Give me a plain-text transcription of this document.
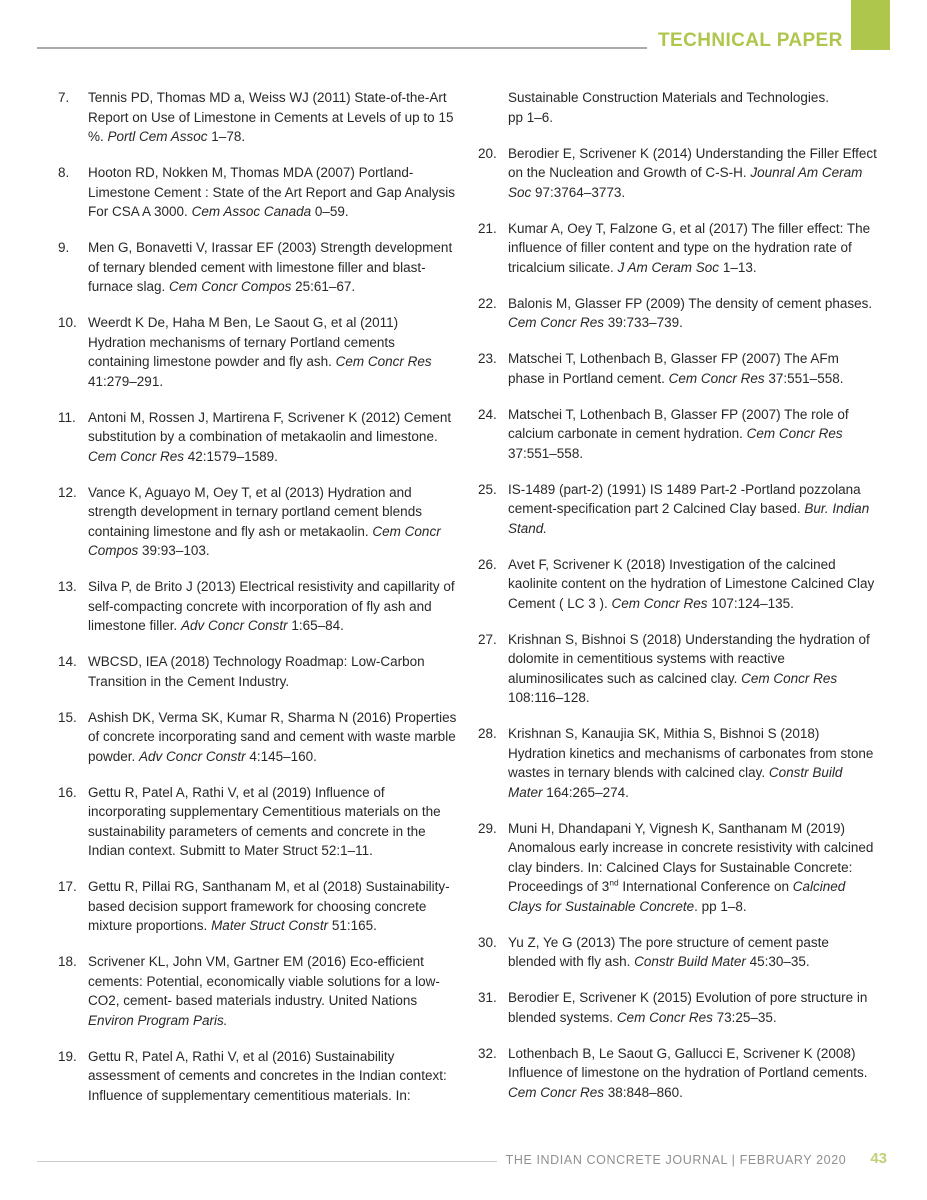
TECHNICAL PAPER
7.	Tennis PD, Thomas MD a, Weiss WJ (2011) State-of-the-Art Report on Use of Limestone in Cements at Levels of up to 15 %. Portl Cem Assoc 1–78.
8.	Hooton RD, Nokken M, Thomas MDA (2007) Portland-Limestone Cement : State of the Art Report and Gap Analysis For CSA A 3000. Cem Assoc Canada 0–59.
9.	Men G, Bonavetti V, Irassar EF (2003) Strength development of ternary blended cement with limestone filler and blast-furnace slag. Cem Concr Compos 25:61–67.
10. Weerdt K De, Haha M Ben, Le Saout G, et al (2011) Hydration mechanisms of ternary Portland cements containing limestone powder and fly ash. Cem Concr Res 41:279–291.
11. Antoni M, Rossen J, Martirena F, Scrivener K (2012) Cement substitution by a combination of metakaolin and limestone. Cem Concr Res 42:1579–1589.
12. Vance K, Aguayo M, Oey T, et al (2013) Hydration and strength development in ternary portland cement blends containing limestone and fly ash or metakaolin. Cem Concr Compos 39:93–103.
13. Silva P, de Brito J (2013) Electrical resistivity and capillarity of self-compacting concrete with incorporation of fly ash and limestone filler. Adv Concr Constr 1:65–84.
14. WBCSD, IEA (2018) Technology Roadmap: Low-Carbon Transition in the Cement Industry.
15. Ashish DK, Verma SK, Kumar R, Sharma N (2016) Properties of concrete incorporating sand and cement with waste marble powder. Adv Concr Constr 4:145–160.
16. Gettu R, Patel A, Rathi V, et al (2019) Influence of incorporating supplementary Cementitious materials on the sustainability parameters of cements and concrete in the Indian context. Submitt to Mater Struct 52:1–11.
17. Gettu R, Pillai RG, Santhanam M, et al (2018) Sustainability-based decision support framework for choosing concrete mixture proportions. Mater Struct Constr 51:165.
18. Scrivener KL, John VM, Gartner EM (2016) Eco-efficient cements: Potential, economically viable solutions for a low-CO2, cement- based materials industry. United Nations Environ Program Paris.
19. Gettu R, Patel A, Rathi V, et al (2016) Sustainability assessment of cements and concretes in the Indian context: Influence of supplementary cementitious materials. In:
Sustainable Construction Materials and Technologies.
pp 1–6.
20. Berodier E, Scrivener K (2014) Understanding the Filler Effect on the Nucleation and Growth of C-S-H. Jounral Am Ceram Soc 97:3764–3773.
21. Kumar A, Oey T, Falzone G, et al (2017) The filler effect: The influence of filler content and type on the hydration rate of tricalcium silicate. J Am Ceram Soc 1–13.
22. Balonis M, Glasser FP (2009) The density of cement phases. Cem Concr Res 39:733–739.
23. Matschei T, Lothenbach B, Glasser FP (2007) The AFm phase in Portland cement. Cem Concr Res 37:551–558.
24. Matschei T, Lothenbach B, Glasser FP (2007) The role of calcium carbonate in cement hydration. Cem Concr Res 37:551–558.
25. IS-1489 (part-2) (1991) IS 1489 Part-2 -Portland pozzolana cement-specification part 2 Calcined Clay based. Bur. Indian Stand.
26. Avet F, Scrivener K (2018) Investigation of the calcined kaolinite content on the hydration of Limestone Calcined Clay Cement ( LC 3 ). Cem Concr Res 107:124–135.
27. Krishnan S, Bishnoi S (2018) Understanding the hydration of dolomite in cementitious systems with reactive aluminosilicates such as calcined clay. Cem Concr Res 108:116–128.
28. Krishnan S, Kanaujia SK, Mithia S, Bishnoi S (2018) Hydration kinetics and mechanisms of carbonates from stone wastes in ternary blends with calcined clay. Constr Build Mater 164:265–274.
29. Muni H, Dhandapani Y, Vignesh K, Santhanam M (2019) Anomalous early increase in concrete resistivity with calcined clay binders. In: Calcined Clays for Sustainable Concrete: Proceedings of 3nd International Conference on Calcined Clays for Sustainable Concrete. pp 1–8.
30. Yu Z, Ye G (2013) The pore structure of cement paste blended with fly ash. Constr Build Mater 45:30–35.
31. Berodier E, Scrivener K (2015) Evolution of pore structure in blended systems. Cem Concr Res 73:25–35.
32. Lothenbach B, Le Saout G, Gallucci E, Scrivener K (2008) Influence of limestone on the hydration of Portland cements. Cem Concr Res 38:848–860.
THE INDIAN CONCRETE JOURNAL | FEBRUARY 2020 43
